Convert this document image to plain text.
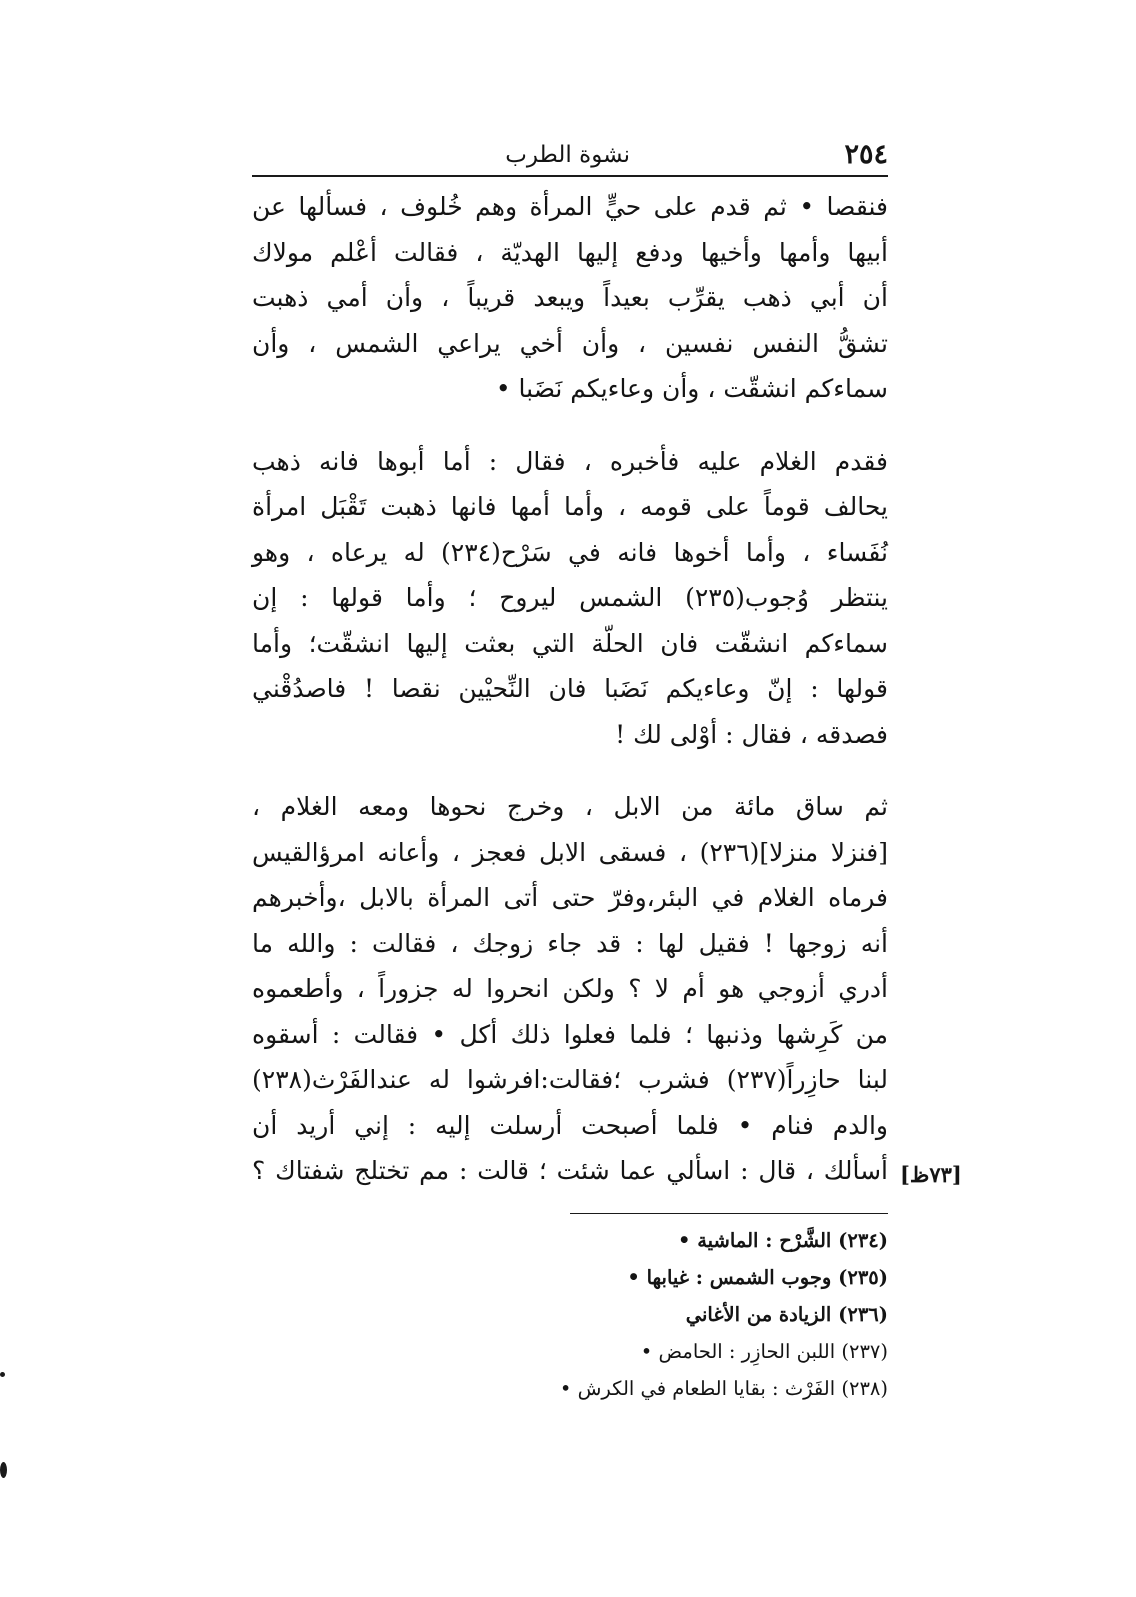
٢٥٤
نشوة الطرب
فنقصا • ثم قدم على حيٍّ المرأة وهم خُلوف ، فسألها عن
أبيها وأمها وأخيها ودفع إليها الهديّة ، فقالت أعْلم مولاك
أن أبي ذهب يقرِّب بعيداً ويبعد قريباً ، وأن أمي ذهبت
تشقُّ النفس نفسين ، وأن أخي يراعي الشمس ، وأن
سماءكم انشقّت ، وأن وعاءيكم نَضَبا •
فقدم الغلام عليه فأخبره ، فقال : أما أبوها فانه ذهب
يحالف قوماً على قومه ، وأما أمها فانها ذهبت تَقْبَل امرأة
نُفَساء ، وأما أخوها فانه في سَرْح(٢٣٤) له يرعاه ، وهو
ينتظر وُجوب(٢٣٥) الشمس ليروح ؛ وأما قولها : إن
سماءكم انشقّت فان الحلّة التي بعثت إليها انشقّت؛ وأما
قولها : إنّ وعاءيكم نَضَبا فان النِّحيْين نقصا ! فاصدُقْني
فصدقه ، فقال : أوْلى لك !
ثم ساق مائة من الابل ، وخرج نحوها ومعه الغلام ،
[فنزلا منزلا](٢٣٦) ، فسقى الابل فعجز ، وأعانه امرؤالقيس
فرماه الغلام في البئر،وفرّ حتى أتى المرأة بالابل ،وأخبرهم
أنه زوجها ! فقيل لها : قد جاء زوجك ، فقالت : والله ما
أدري أزوجي هو أم لا ؟ ولكن انحروا له جزوراً ، وأطعموه
من كَرِشها وذنبها ؛ فلما فعلوا ذلك أكل • فقالت : أسقوه
لبنا حازِراً(٢٣٧) فشرب ؛فقالت:افرشوا له عندالفَرْث(٢٣٨)
والدم فنام • فلما أصبحت أرسلت إليه : إني أريد أن
أسألك ، قال : اسألي عما شئت ؛ قالت : مم تختلج شفتاك ؟ [٧٣ظ]
(٢٣٤) الشَّرْح : الماشية •
(٢٣٥) وجوب الشمس : غيابها •
(٢٣٦) الزيادة من الأغاني
(٢٣٧) اللبن الحازِر : الحامض •
(٢٣٨) الفَرْث : بقايا الطعام في الكرش •
